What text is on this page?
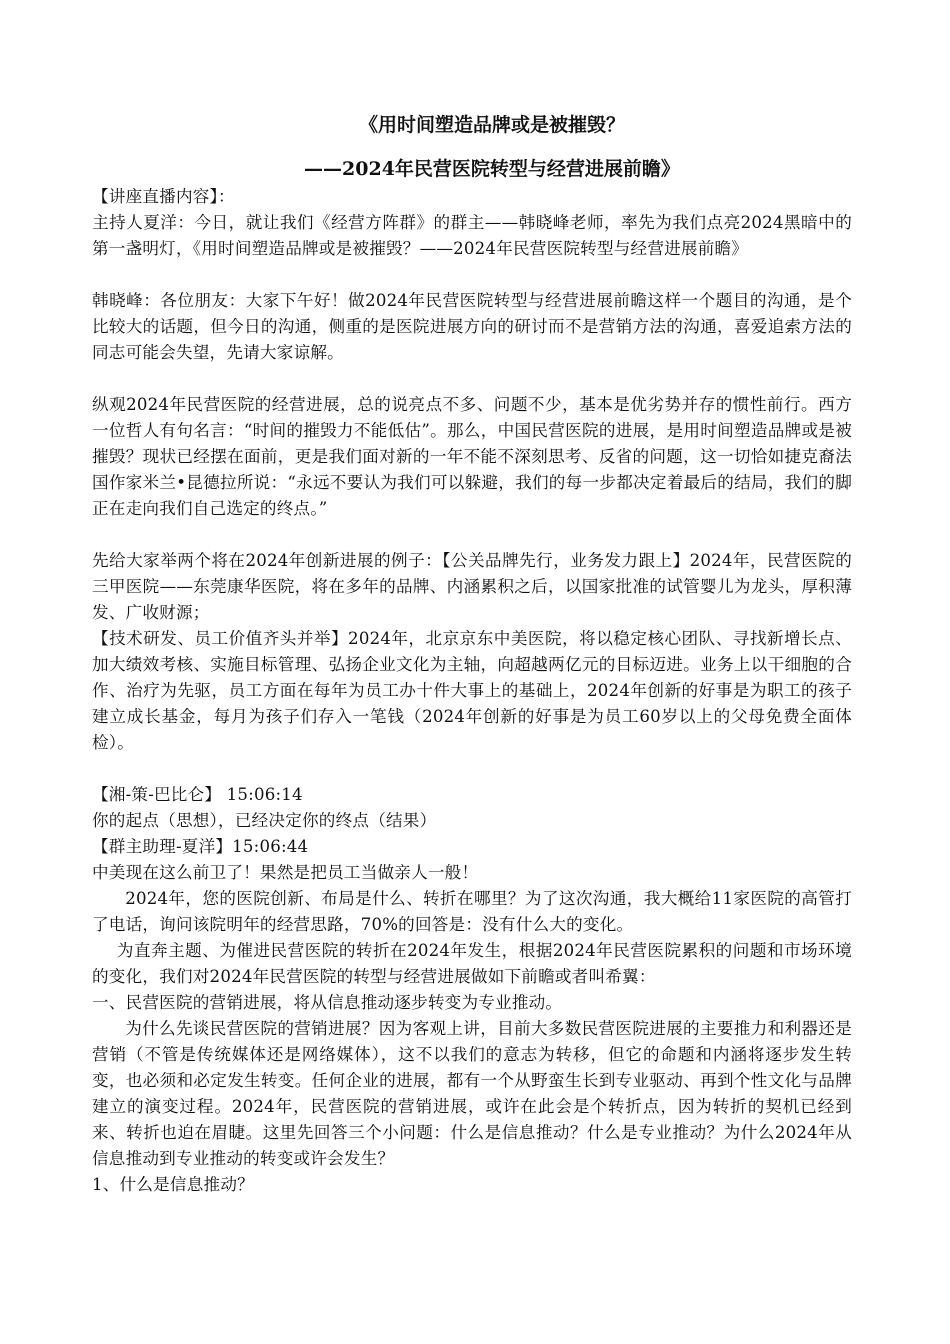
《用时间塑造品牌或是被摧毁？
——2024年民营医院转型与经营进展前瞻》

【讲座直播内容】：

主持人夏洋：今日，就让我们《经营方阵群》的群主——韩晓峰老师，率先为我们点亮2024黑暗中的第一盏明灯，《用时间塑造品牌或是被摧毁？——2024年民营医院转型与经营进展前瞻》

韩晓峰：各位朋友：大家下午好！做2024年民营医院转型与经营进展前瞻这样一个题目的沟通，是个比较大的话题，但今日的沟通，侧重的是医院进展方向的研讨而不是营销方法的沟通，喜爱追索方法的同志可能会失望，先请大家谅解。

纵观2024年民营医院的经营进展，总的说亮点不多、问题不少，基本是优劣势并存的惯性前行。西方一位哲人有句名言：“时间的摧毁力不能低估”。那么，中国民营医院的进展，是用时间塑造品牌或是被摧毁？现状已经摆在面前，更是我们面对新的一年不能不深刻思考、反省的问题，这一切恰如捷克裔法国作家米兰•昆德拉所说：“永远不要认为我们可以躲避，我们的每一步都决定着最后的结局，我们的脚正在走向我们自己选定的终点。”

先给大家举两个将在2024年创新进展的例子：【公关品牌先行，业务发力跟上】2024年，民营医院的三甲医院——东莞康华医院，将在多年的品牌、内涵累积之后，以国家批准的试管婴儿为龙头，厚积薄发、广收财源；

【技术研发、员工价值齐头并举】2024年，北京京东中美医院，将以稳定核心团队、寻找新增长点、加大绩效考核、实施目标管理、弘扬企业文化为主轴，向超越两亿元的目标迈进。业务上以干细胞的合作、治疗为先驱，员工方面在每年为员工办十件大事上的基础上，2024年创新的好事是为职工的孩子建立成长基金，每月为孩子们存入一笔钱（2024年创新的好事是为员工60岁以上的父母免费全面体检）。

【湘-策-巴比仑】 15:06:14

你的起点（思想），已经决定你的终点（结果）

【群主助理-夏洋】15:06:44

中美现在这么前卫了！果然是把员工当做亲人一般！

2024年，您的医院创新、布局是什么、转折在哪里？为了这次沟通，我大概给11家医院的高管打了电话，询问该院明年的经营思路，70%的回答是：没有什么大的变化。

为直奔主题、为催进民营医院的转折在2024年发生，根据2024年民营医院累积的问题和市场环境的变化，我们对2024年民营医院的转型与经营进展做如下前瞻或者叫希翼：

一、民营医院的营销进展，将从信息推动逐步转变为专业推动。

为什么先谈民营医院的营销进展？因为客观上讲，目前大多数民营医院进展的主要推力和利器还是营销（不管是传统媒体还是网络媒体），这不以我们的意志为转移，但它的命题和内涵将逐步发生转变，也必须和必定发生转变。任何企业的进展，都有一个从野蛮生长到专业驱动、再到个性文化与品牌建立的演变过程。2024年，民营医院的营销进展，或许在此会是个转折点，因为转折的契机已经到来、转折也迫在眉睫。这里先回答三个小问题：什么是信息推动？什么是专业推动？为什么2024年从信息推动到专业推动的转变或许会发生？

1、什么是信息推动？
